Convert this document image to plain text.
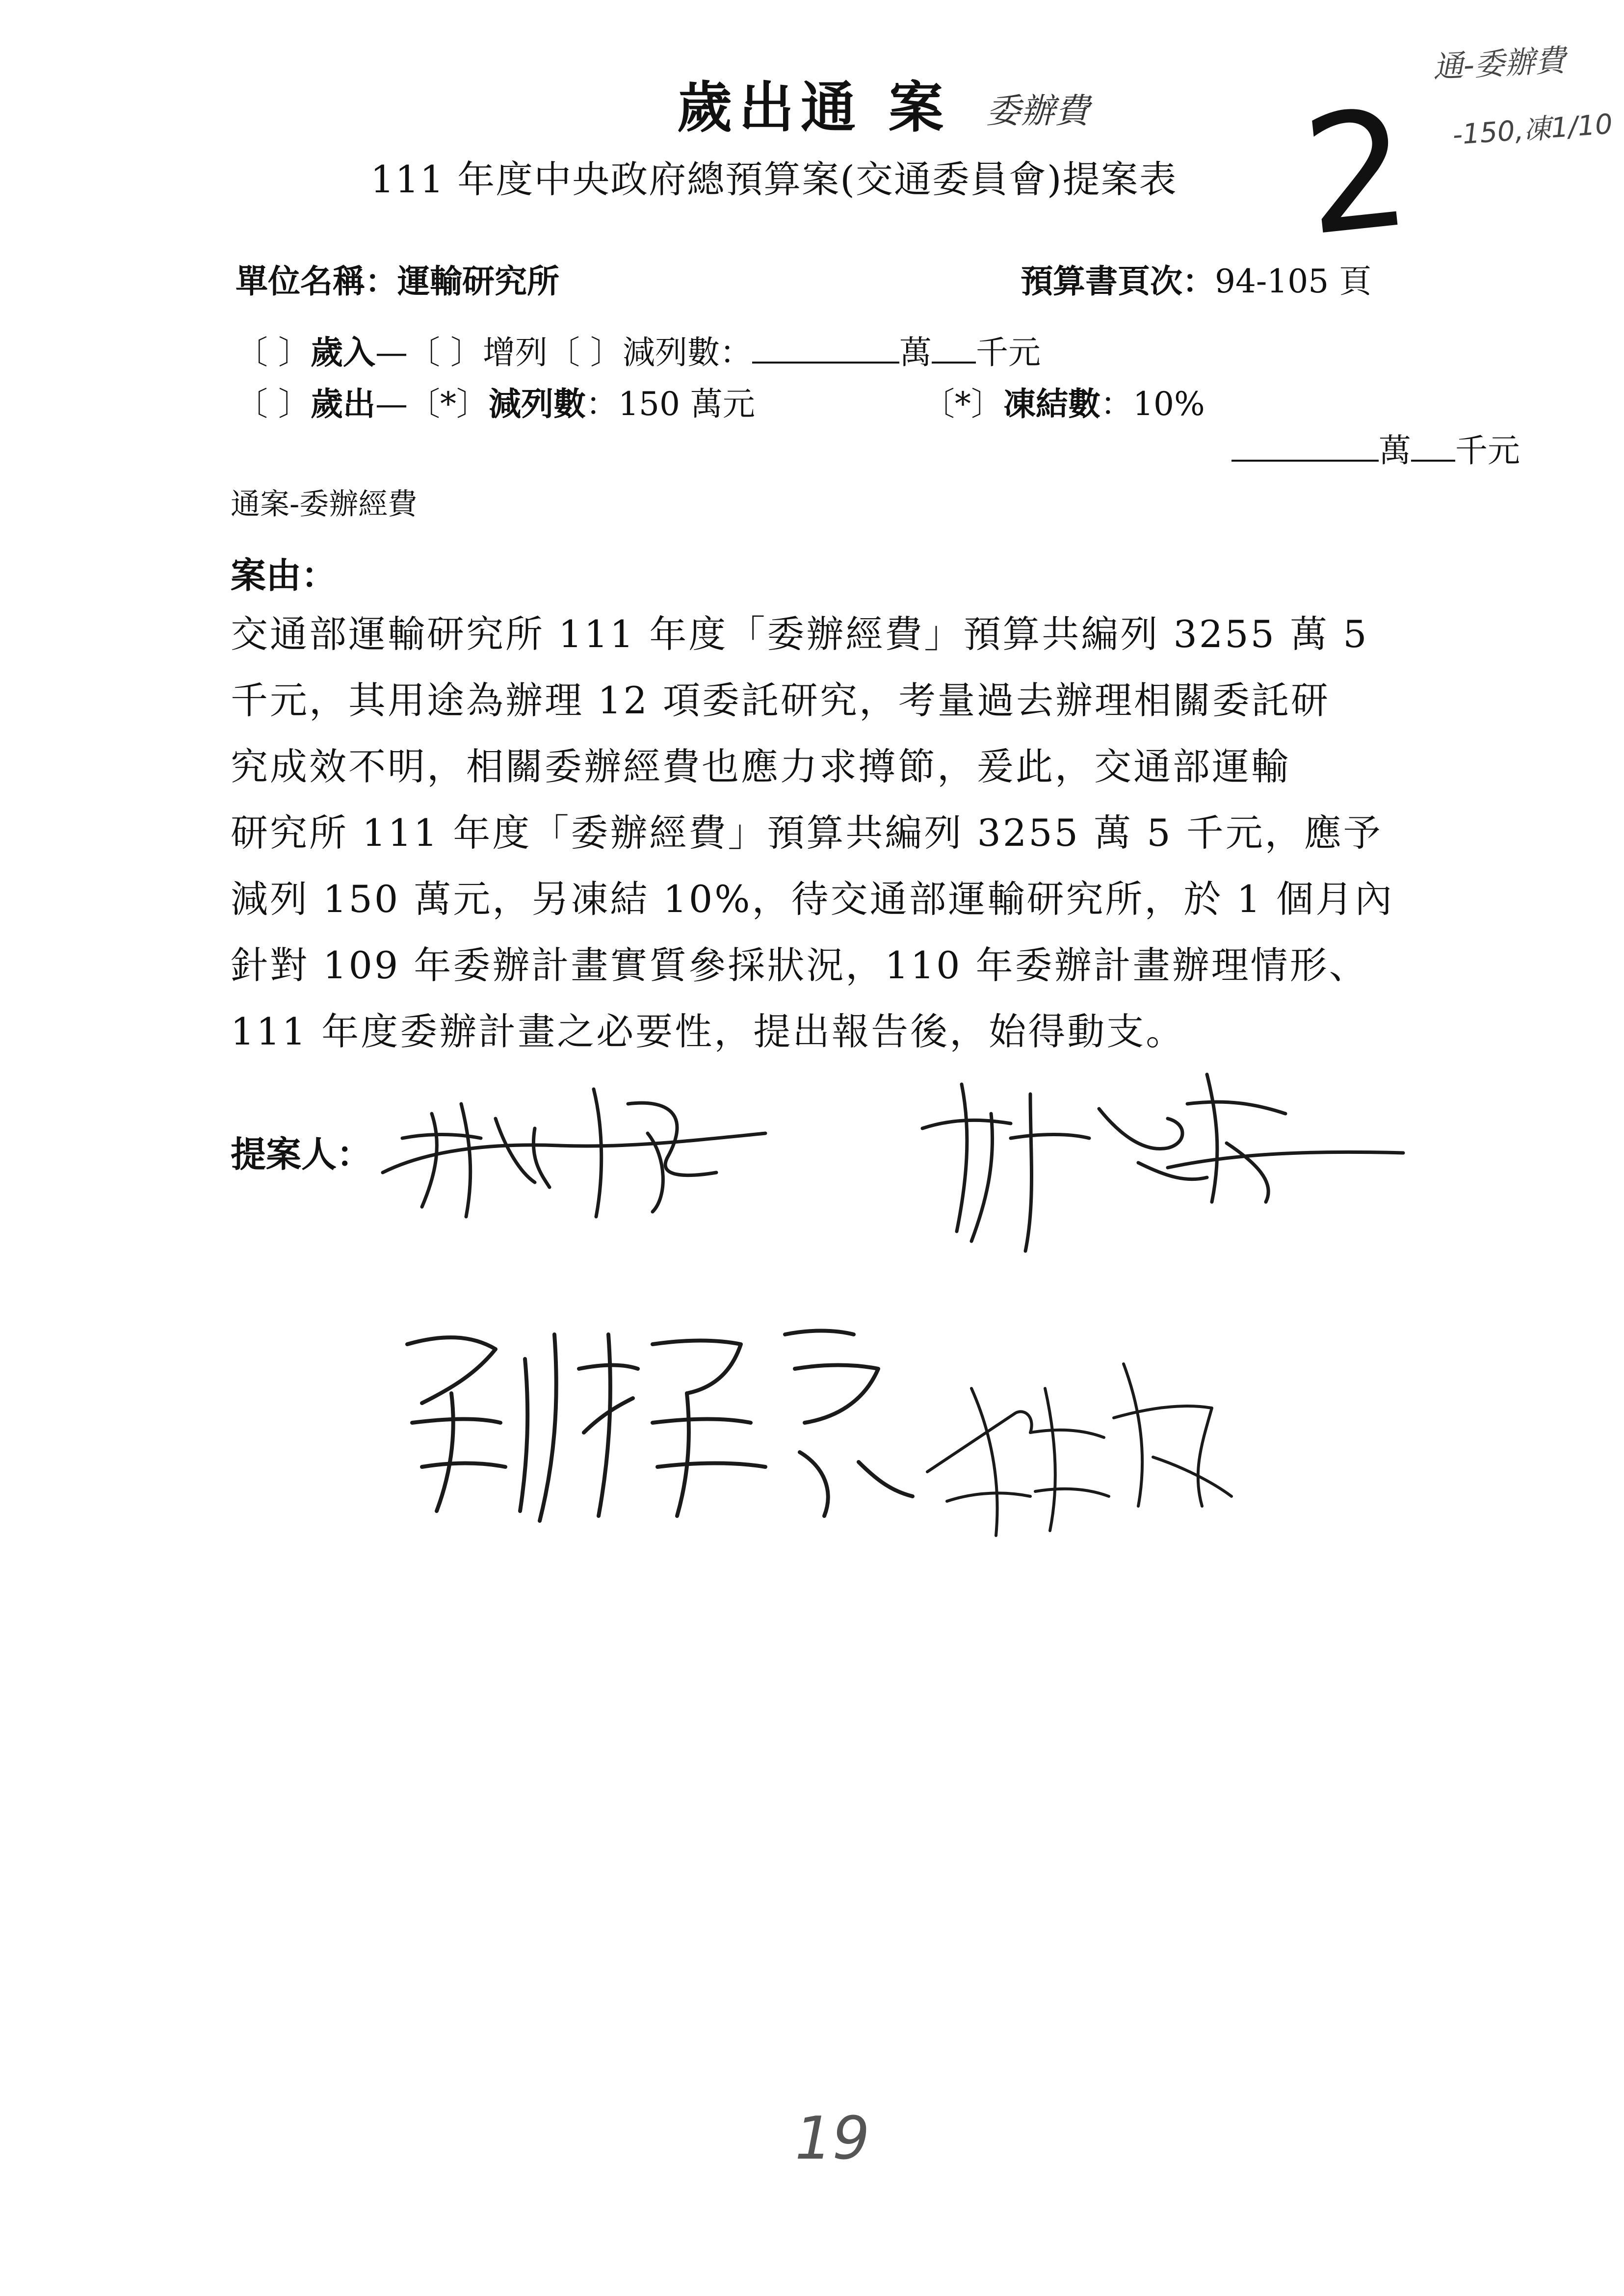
歲出通 案 委辦費
111 年度中央政府總預算案(交通委員會)提案表 2
通-委辦費
-150,凍1/10
單位名稱：運輸研究所	預算書頁次：94-105 頁
〔 〕歲入—〔 〕增列〔 〕減列數：	萬 千元
〔 〕歲出—〔*〕減列數：150 萬元	〔*〕凍結數：10%
萬 千元
通案-委辦經費
案由：

交通部運輸研究所 111 年度「委辦經費」預算共編列 3255 萬 5

千元，其用途為辦理 12 項委託研究，考量過去辦理相關委託研

究成效不明，相關委辦經費也應力求撙節，爰此，交通部運輸

研究所 111 年度「委辦經費」預算共編列 3255 萬 5 千元，應予

減列 150 萬元，另凍結 10%，待交通部運輸研究所，於 1 個月內

針對 109 年委辦計畫實質參採狀況，110 年委辦計畫辦理情形、

111 年度委辦計畫之必要性，提出報告後，始得動支。

提案人：
19
